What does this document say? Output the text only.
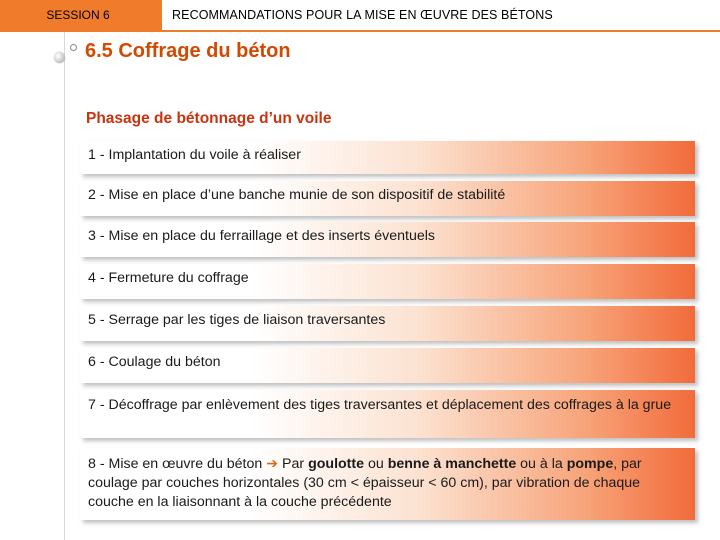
SESSION 6	RECOMMANDATIONS POUR LA MISE EN ŒUVRE DES BÉTONS
6.5 Coffrage du béton
Phasage de bétonnage d’un voile
1 - Implantation du voile à réaliser
2 - Mise en place d’une banche munie de son dispositif de stabilité
3 - Mise en place du ferraillage et des inserts éventuels
4 - Fermeture du coffrage
5 - Serrage par les tiges de liaison traversantes
6 - Coulage du béton
7 - Décoffrage par enlèvement des tiges traversantes et déplacement des coffrages à la grue
8 - Mise en œuvre du béton ➔ Par goulotte ou benne à manchette ou à la pompe, par coulage par couches horizontales (30 cm < épaisseur < 60 cm), par vibration de chaque couche en la liaisonnant à la couche précédente
